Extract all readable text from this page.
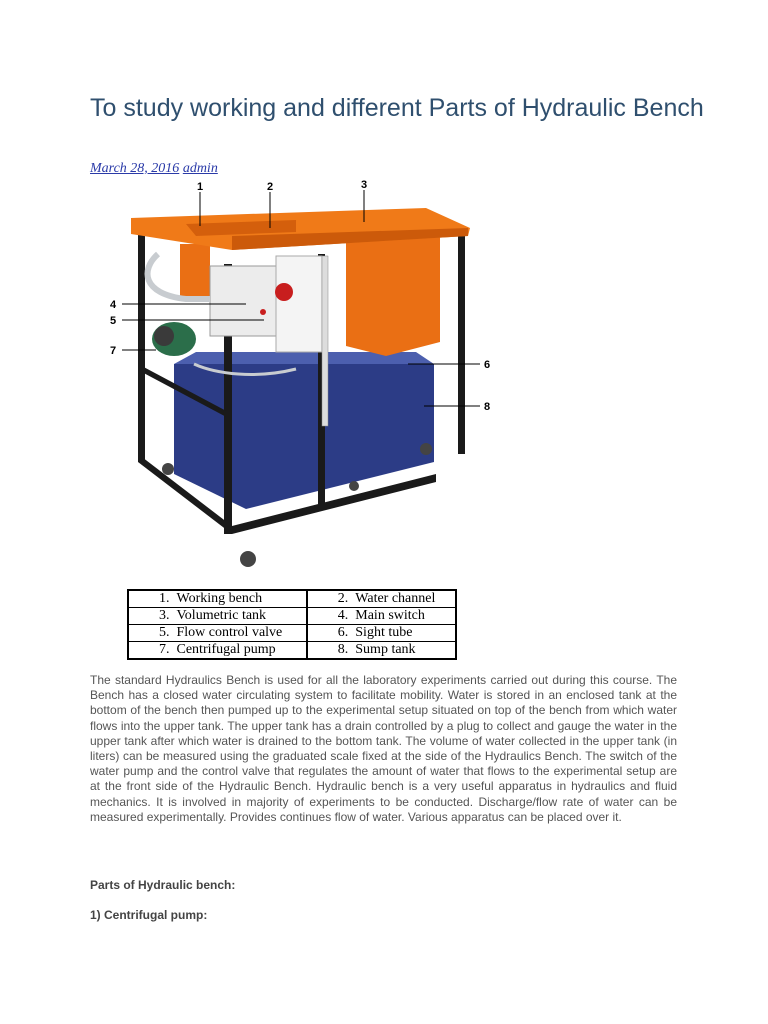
To study working and different Parts of Hydraulic Bench
March 28, 2016 admin
1	2	3
4
5
7
6
8
1. Working bench	2. Water channel
3. Volumetric tank	4. Main switch
5. Flow control valve	6. Sight tube
7. Centrifugal pump	8. Sump tank

The standard Hydraulics Bench is used for all the laboratory experiments carried out during this course. The Bench has a closed water circulating system to facilitate mobility. Water is stored in an enclosed tank at the bottom of the bench then pumped up to the experimental setup situated on top of the bench from which water flows into the upper tank. The upper tank has a drain controlled by a plug to collect and gauge the water in the upper tank after which water is drained to the bottom tank. The volume of water collected in the upper tank (in liters) can be measured using the graduated scale fixed at the side of the Hydraulics Bench. The switch of the water pump and the control valve that regulates the amount of water that flows to the experimental setup are at the front side of the Hydraulic Bench. Hydraulic bench is a very useful apparatus in hydraulics and fluid mechanics. It is involved in majority of experiments to be conducted. Discharge/flow rate of water can be measured experimentally. Provides continues flow of water. Various apparatus can be placed over it.

Parts of Hydraulic bench:

1) Centrifugal pump:
